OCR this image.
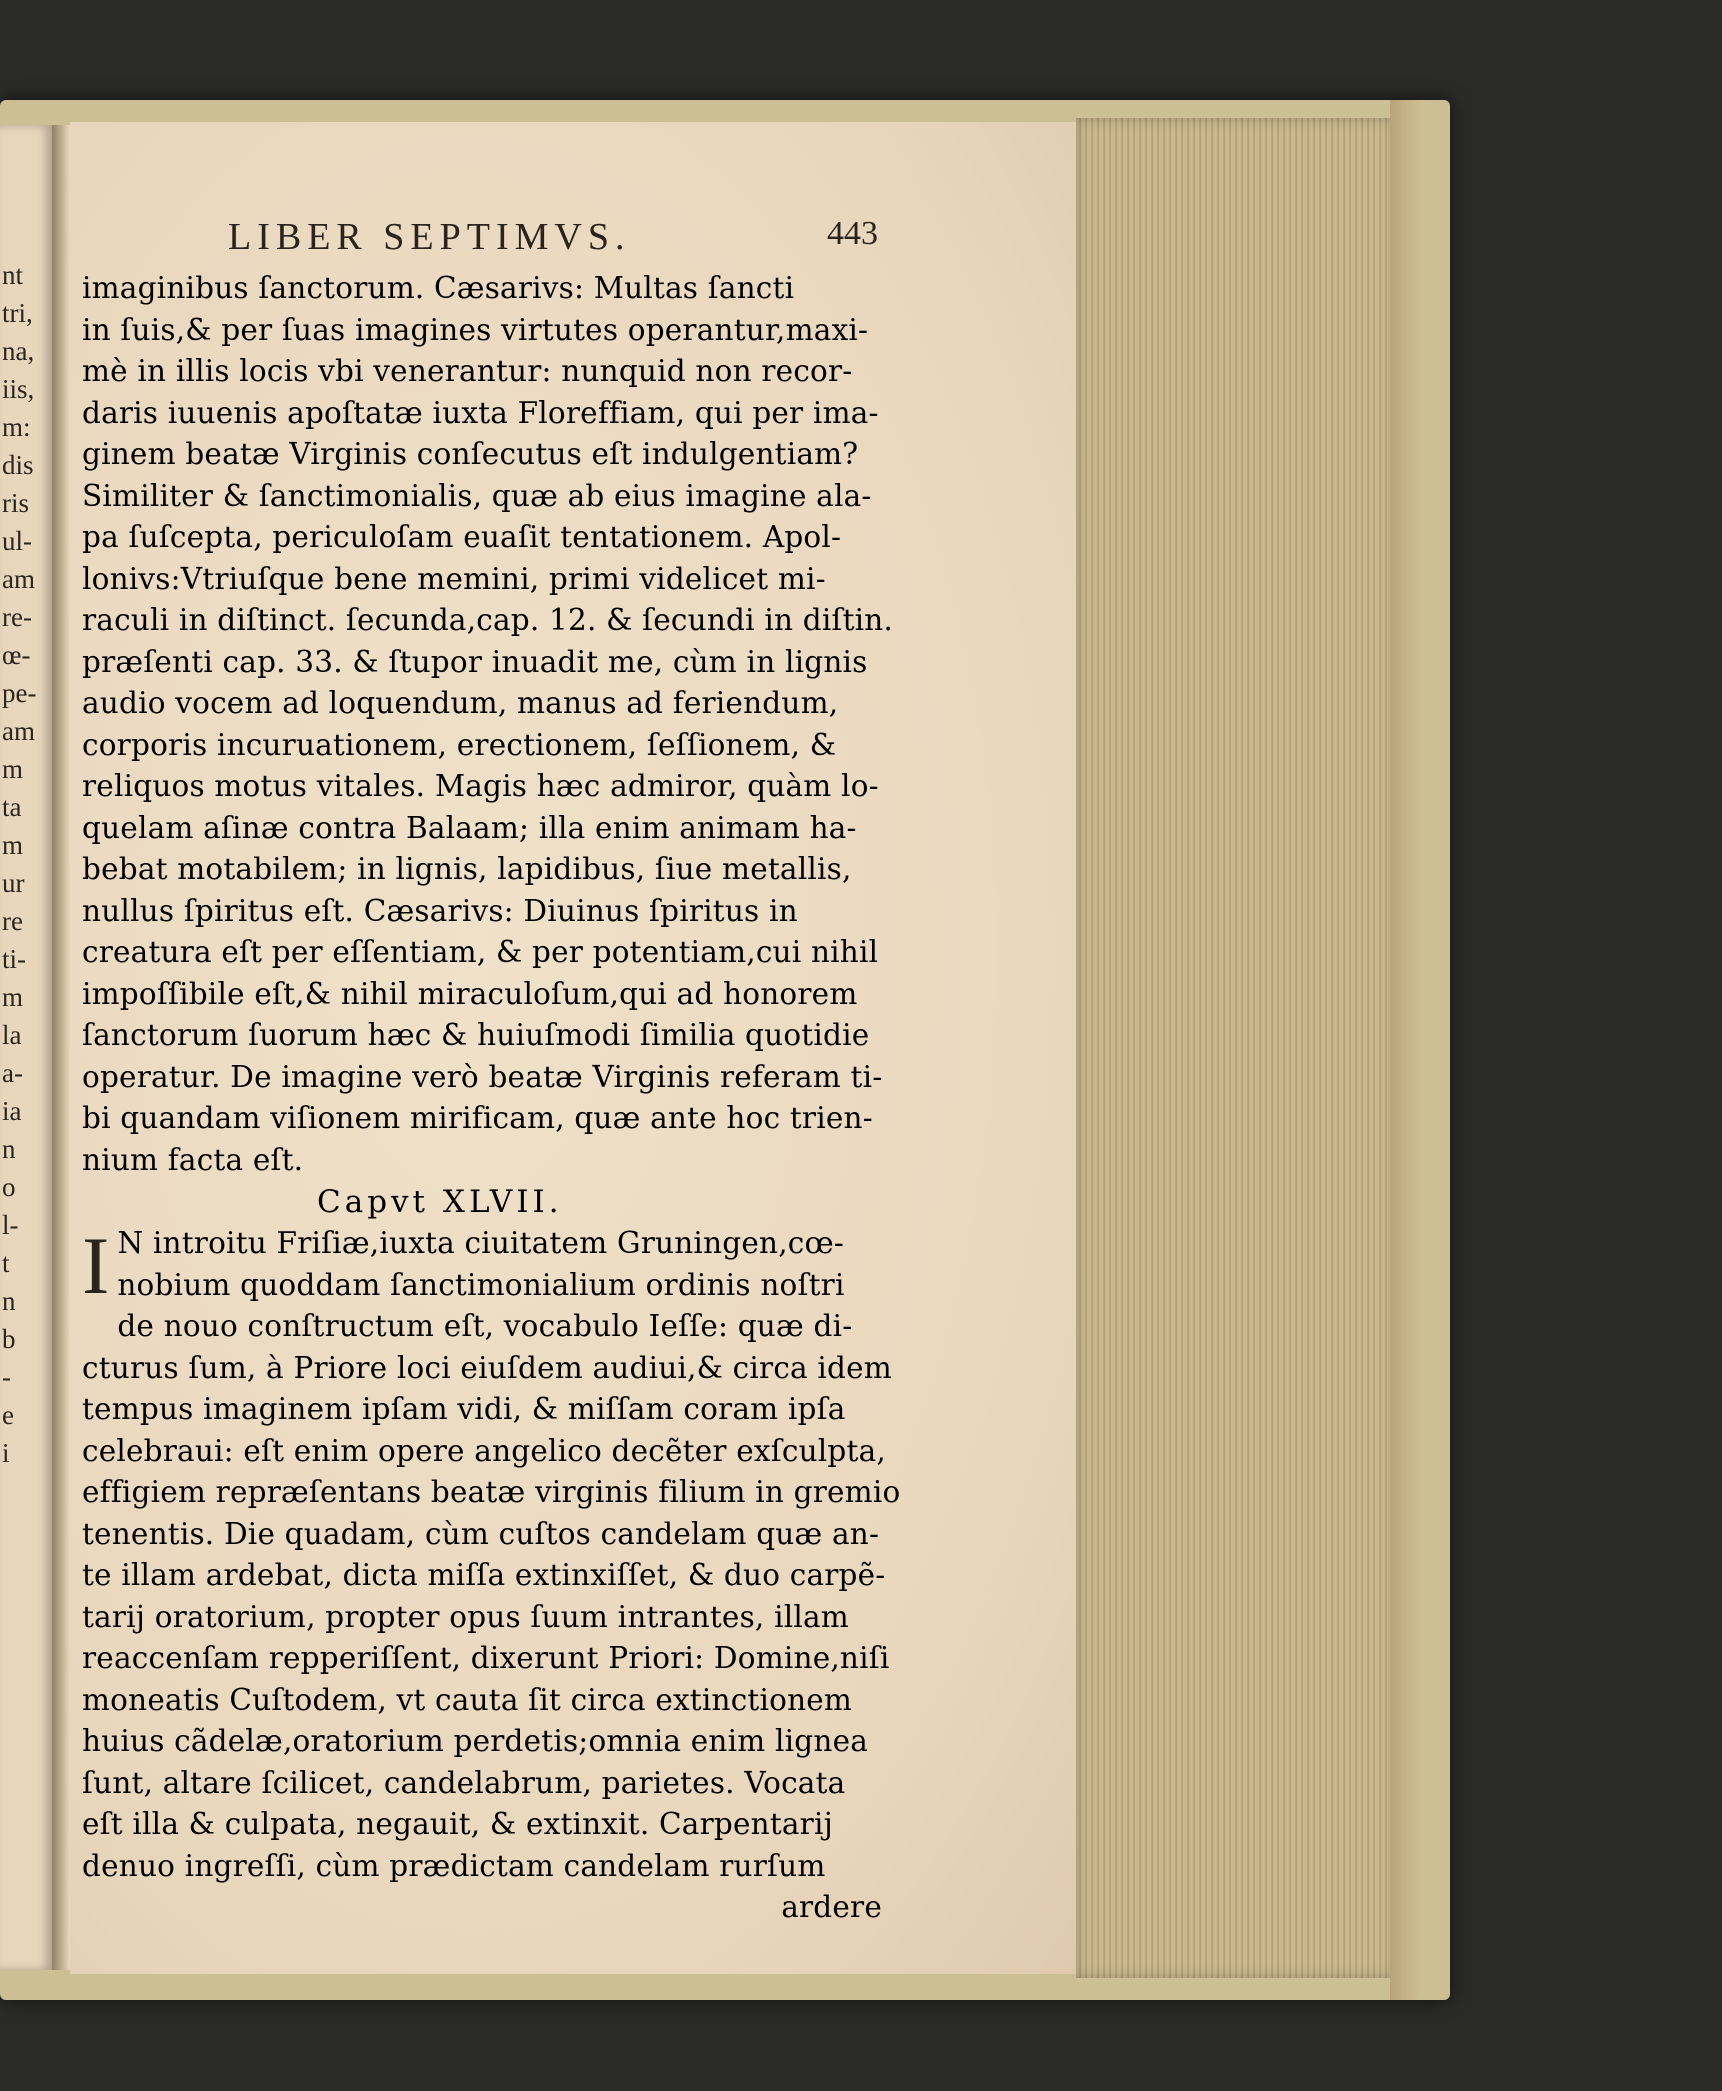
nt
tri,
na,
iis,
m:
dis
ris
ul-
am
re-
œ-
pe-
am
m
ta
m
ur
re
ti-
m
la
a-
ia
n
o
l-
t
n
b
-
e
i
LIBER SEPTIMVS.	443
imaginibus ſanctorum. Cæsarivs: Multas ſancti
in ſuis,& per ſuas imagines virtutes operantur,maxi-
mè in illis locis vbi venerantur: nunquid non recor-
daris iuuenis apoſtatæ iuxta Floreffiam, qui per ima-
ginem beatæ Virginis conſecutus eſt indulgentiam?
Similiter & ſanctimonialis, quæ ab eius imagine ala-
pa ſuſcepta, periculoſam euaſit tentationem. Apol-
lonivs:Vtriuſque bene memini, primi videlicet mi-
raculi in diſtinct. ſecunda,cap. 12. & ſecundi in diſtin.
præſenti cap. 33. & ſtupor inuadit me, cùm in lignis
audio vocem ad loquendum, manus ad feriendum,
corporis incuruationem, erectionem, ſeſſionem, &
reliquos motus vitales. Magis hæc admiror, quàm lo-
quelam aſinæ contra Balaam; illa enim animam ha-
bebat motabilem; in lignis, lapidibus, ſiue metallis,
nullus ſpiritus eſt. Cæsarivs: Diuinus ſpiritus in
creatura eſt per eſſentiam, & per potentiam,cui nihil
impoſſibile eſt,& nihil miraculoſum,qui ad honorem
ſanctorum ſuorum hæc & huiuſmodi ſimilia quotidie
operatur. De imagine verò beatæ Virginis referam ti-
bi quandam viſionem mirificam, quæ ante hoc trien-
nium facta eſt.
Capvt XLVII.
I N introitu Friſiæ,iuxta ciuitatem Gruningen,cœ-
nobium quoddam ſanctimonialium ordinis noſtri
de nouo conſtructum eſt, vocabulo Ieſſe: quæ di-
cturus ſum, à Priore loci eiuſdem audiui,& circa idem
tempus imaginem ipſam vidi, & miſſam coram ipſa
celebraui: eſt enim opere angelico decẽter exſculpta,
effigiem repræſentans beatæ virginis filium in gremio
tenentis. Die quadam, cùm cuſtos candelam quæ an-
te illam ardebat, dicta miſſa extinxiſſet, & duo carpẽ-
tarij oratorium, propter opus ſuum intrantes, illam
reaccenſam repperiſſent, dixerunt Priori: Domine,niſi
moneatis Cuſtodem, vt cauta ſit circa extinctionem
huius cãdelæ,oratorium perdetis;omnia enim lignea
ſunt, altare ſcilicet, candelabrum, parietes. Vocata
eſt illa & culpata, negauit, & extinxit. Carpentarij
denuo ingreſſi, cùm prædictam candelam rurſum
ardere
